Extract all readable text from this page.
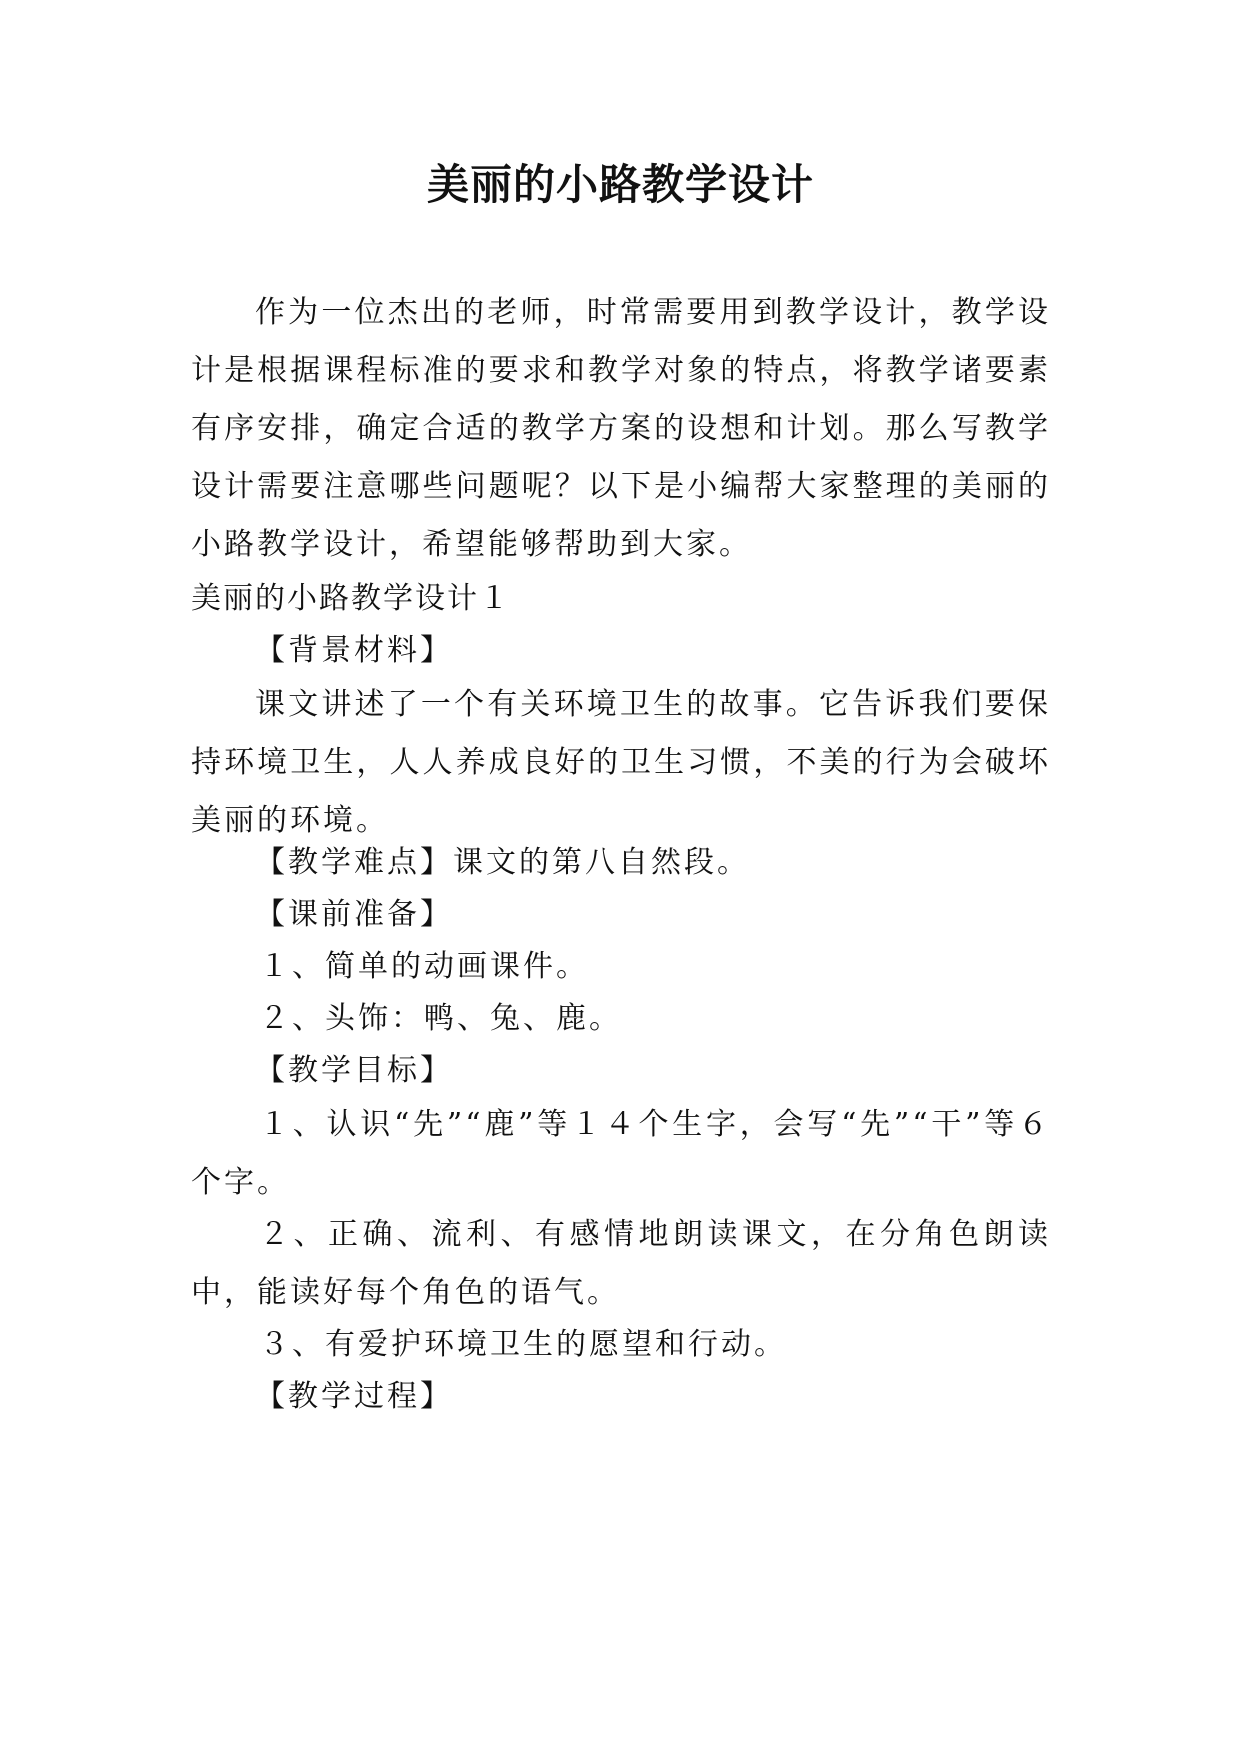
美丽的小路教学设计

作为一位杰出的老师，时常需要用到教学设计，教学设计是根据课程标准的要求和教学对象的特点，将教学诸要素有序安排，确定合适的教学方案的设想和计划。那么写教学设计需要注意哪些问题呢？以下是小编帮大家整理的美丽的小路教学设计，希望能够帮助到大家。

美丽的小路教学设计１
【背景材料】

课文讲述了一个有关环境卫生的故事。它告诉我们要保持环境卫生，人人养成良好的卫生习惯，不美的行为会破坏美丽的环境。

【教学难点】课文的第八自然段。
【课前准备】
１、简单的动画课件。
２、头饰：鸭、兔、鹿。
【教学目标】

１、认识“先”“鹿”等１４个生字，会写“先”“干”等６个字。

２、正确、流利、有感情地朗读课文，在分角色朗读中，能读好每个角色的语气。

３、有爱护环境卫生的愿望和行动。
【教学过程】
